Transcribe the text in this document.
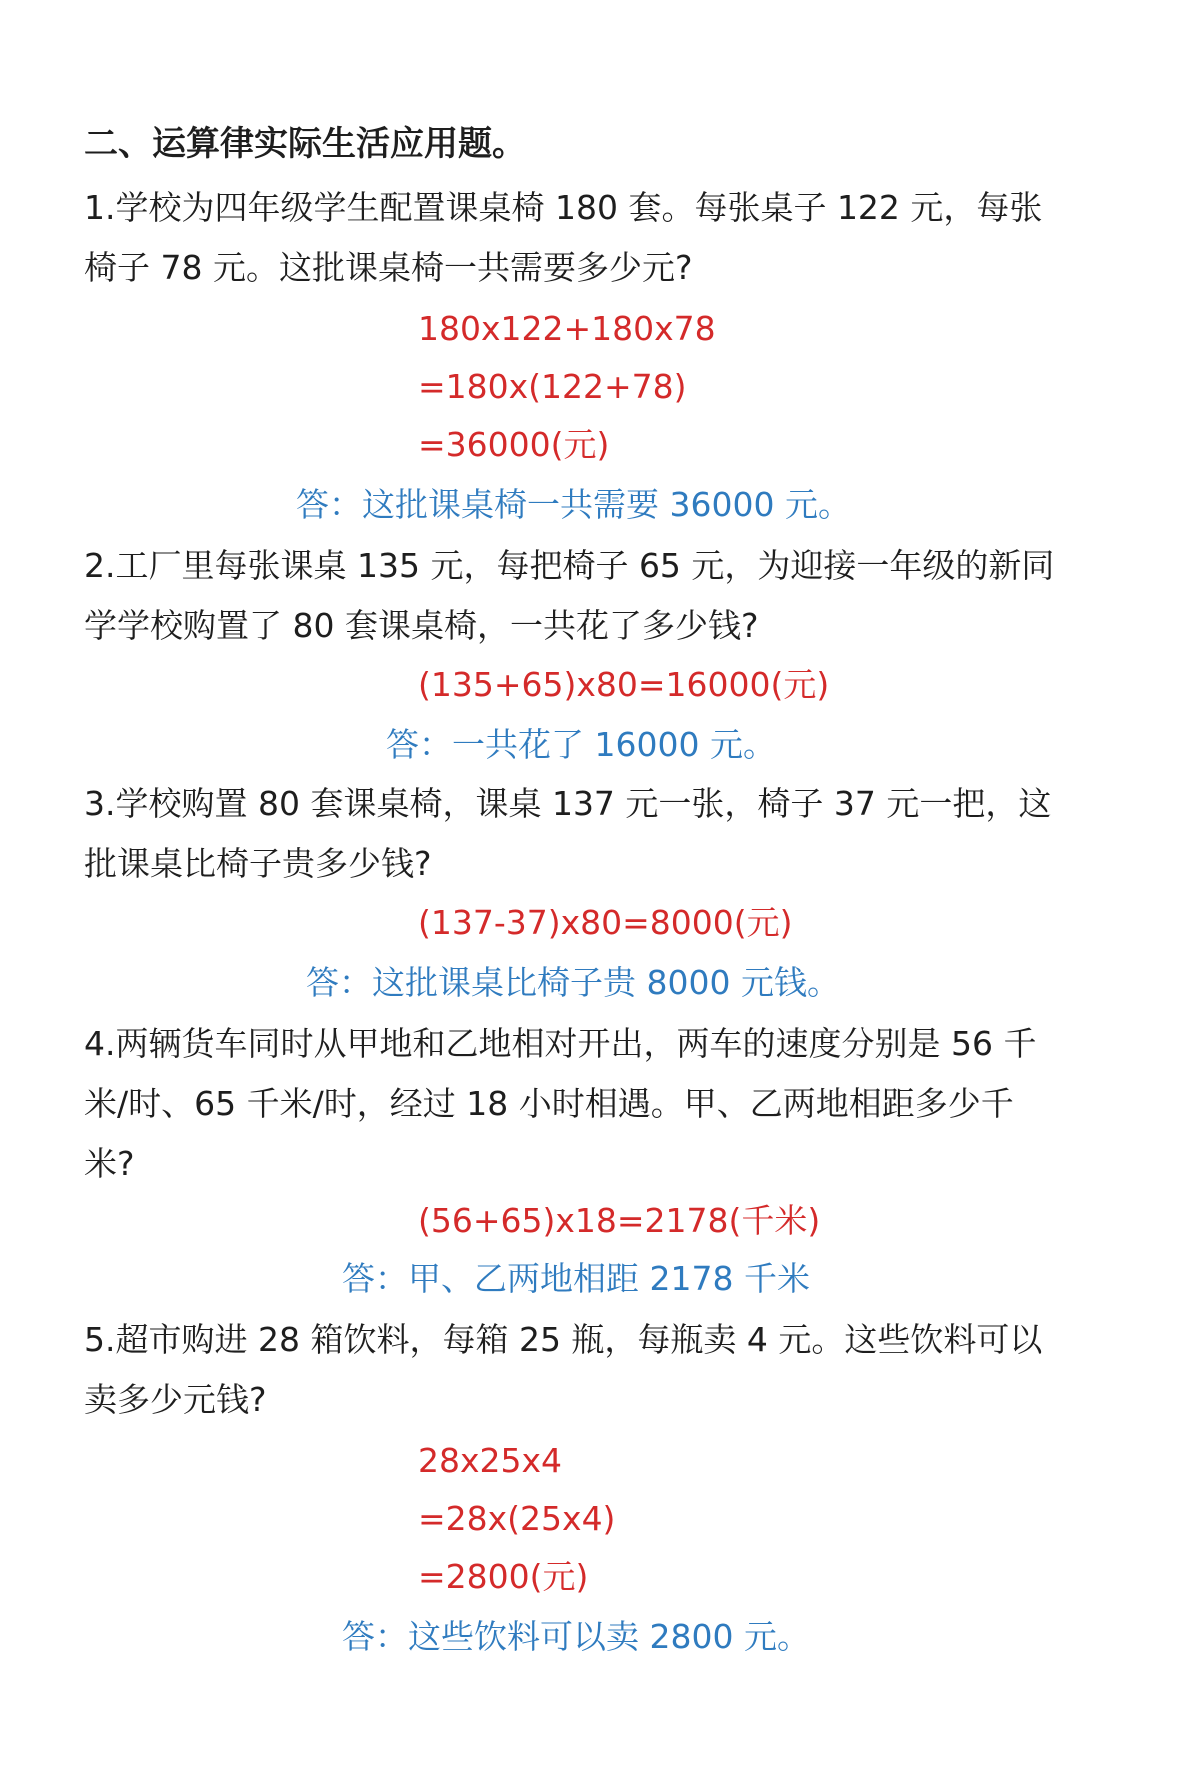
二、运算律实际生活应用题。
1.学校为四年级学生配置课桌椅 180 套。每张桌子 122 元，每张
椅子 78 元。这批课桌椅一共需要多少元?
180x122+180x78
=180x(122+78)
=36000(元)
答：这批课桌椅一共需要 36000 元。
2.工厂里每张课桌 135 元，每把椅子 65 元，为迎接一年级的新同
学学校购置了 80 套课桌椅，一共花了多少钱?
(135+65)x80=16000(元)
答：一共花了 16000 元。
3.学校购置 80 套课桌椅，课桌 137 元一张，椅子 37 元一把，这
批课桌比椅子贵多少钱?
(137-37)x80=8000(元)
答：这批课桌比椅子贵 8000 元钱。
4.两辆货车同时从甲地和乙地相对开出，两车的速度分别是 56 千
米/时、65 千米/时，经过 18 小时相遇。甲、乙两地相距多少千
米?
(56+65)x18=2178(千米)
答：甲、乙两地相距 2178 千米
5.超市购进 28 箱饮料，每箱 25 瓶，每瓶卖 4 元。这些饮料可以
卖多少元钱?
28x25x4
=28x(25x4)
=2800(元)
答：这些饮料可以卖 2800 元。
